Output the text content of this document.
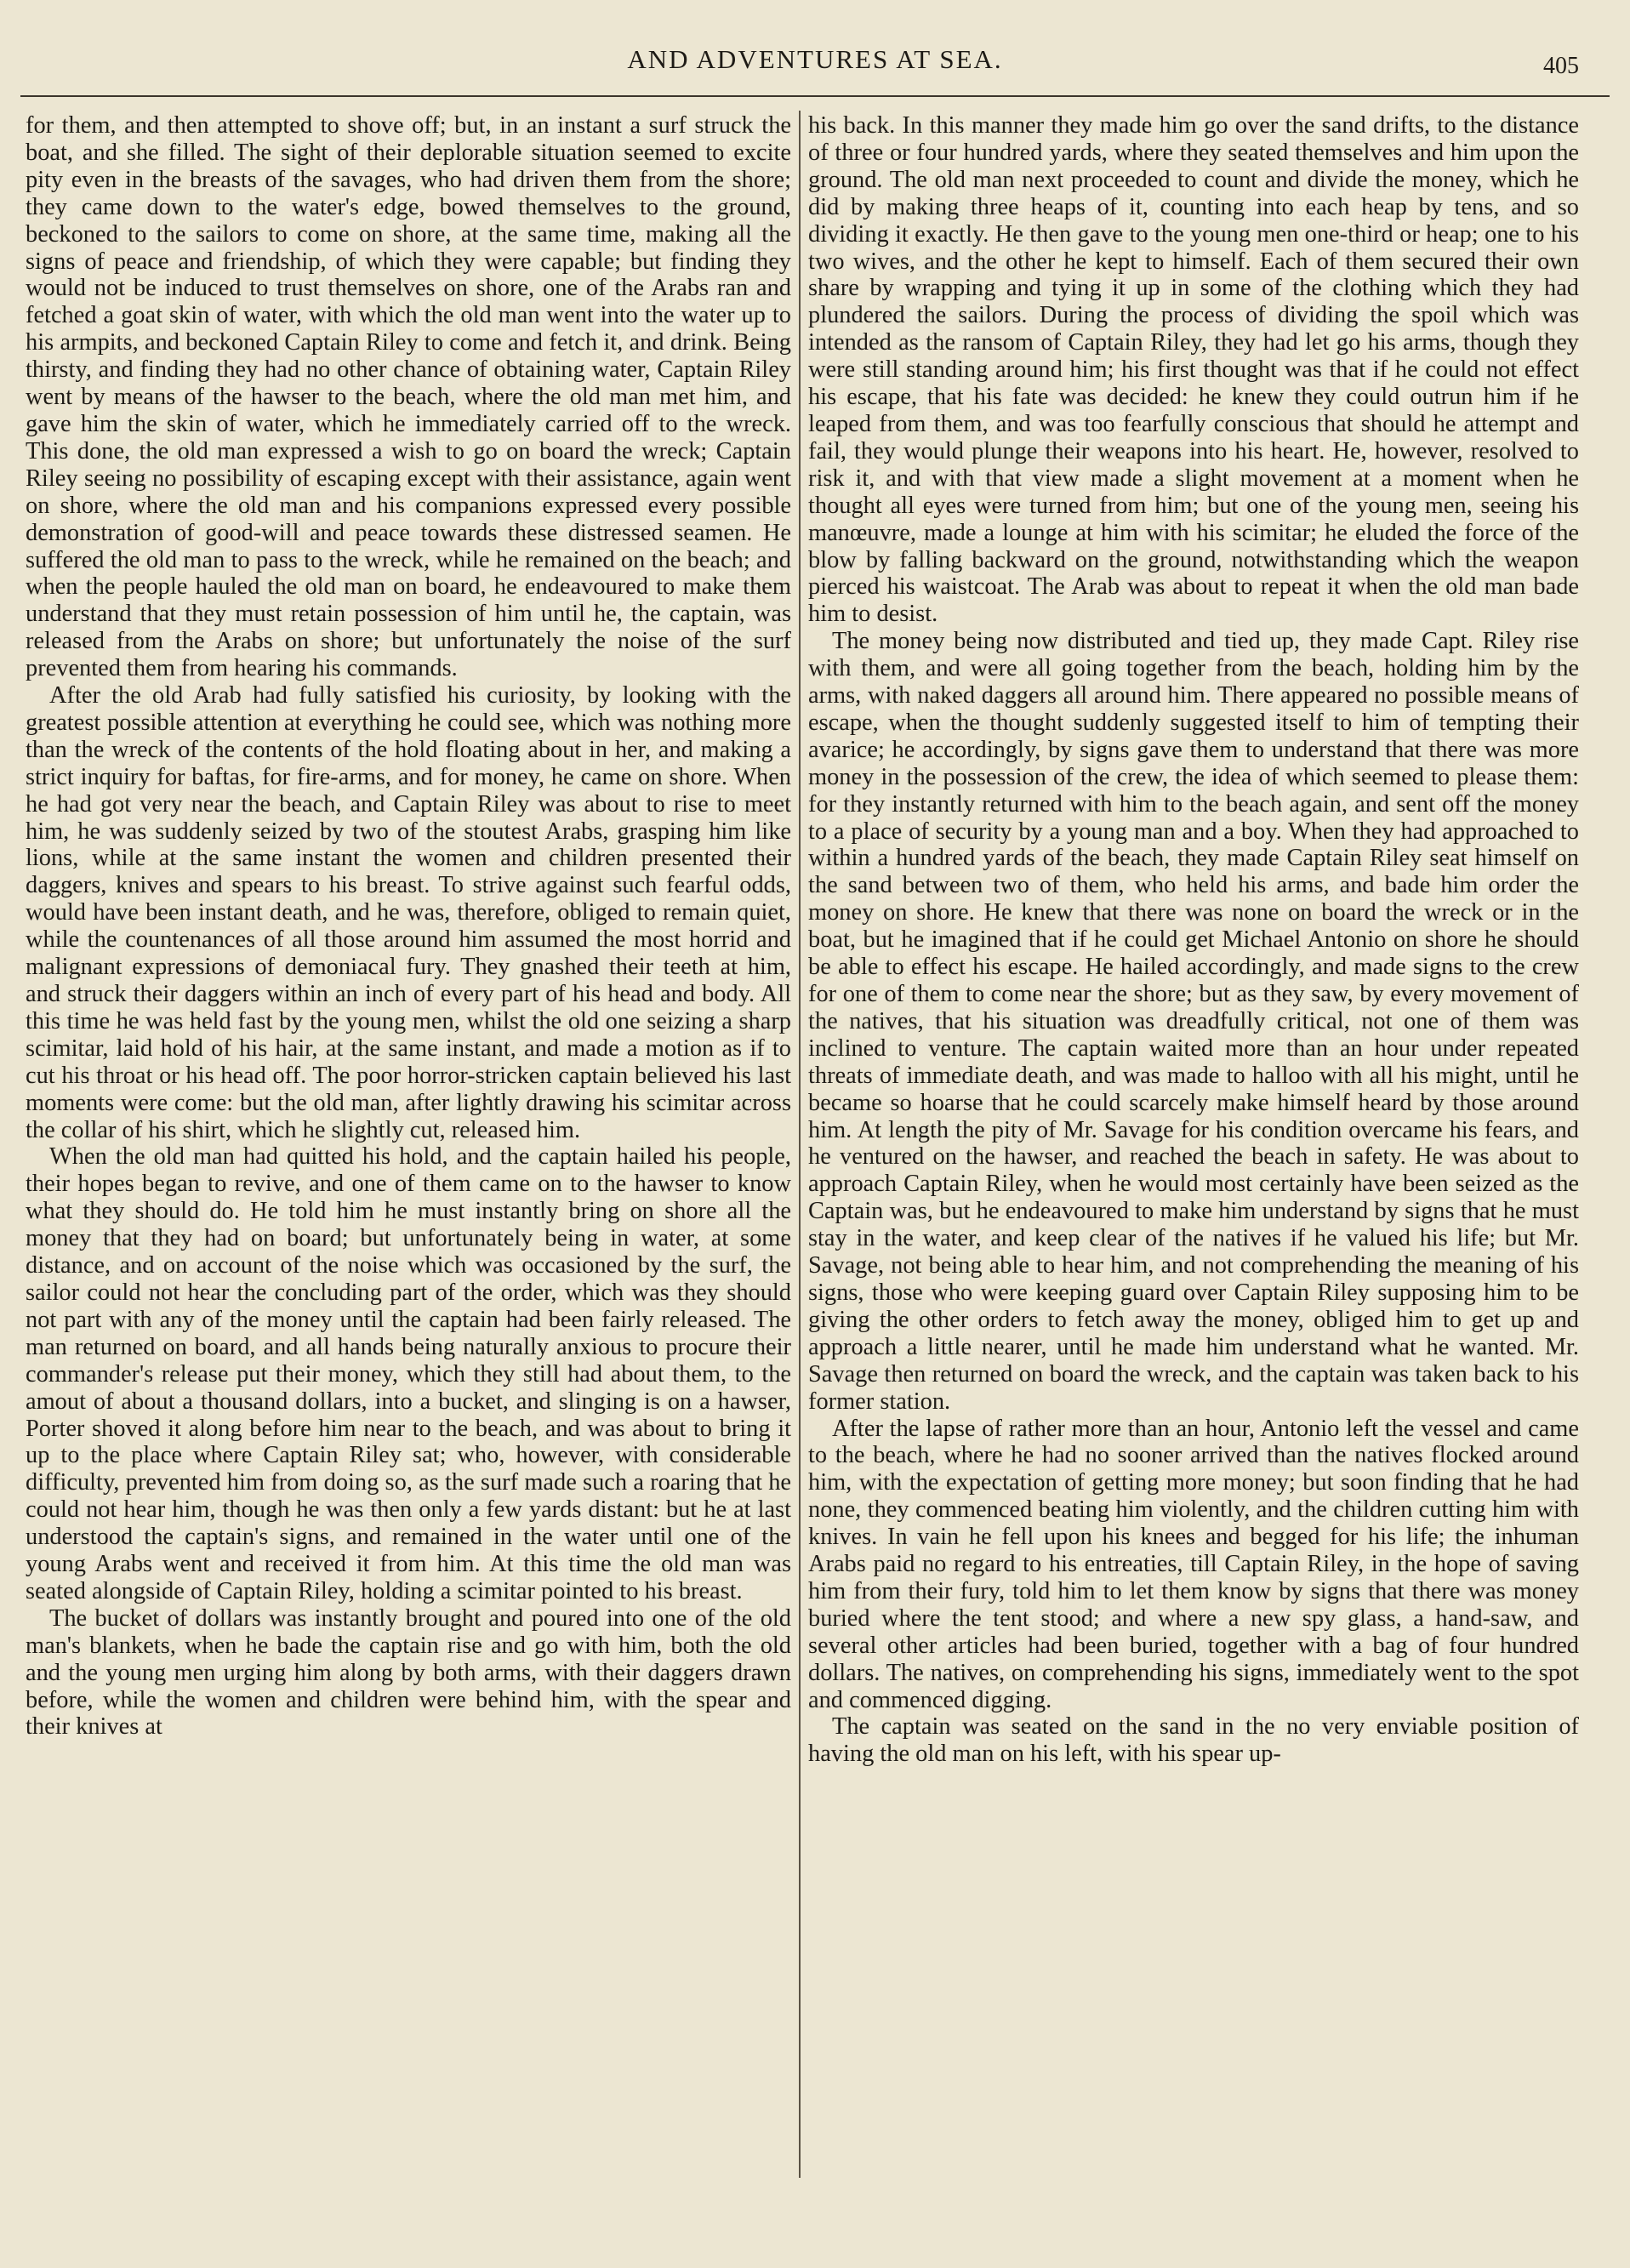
AND ADVENTURES AT SEA.	405

for them, and then attempted to shove off; but, in an instant a surf struck the boat, and she filled. The sight of their deplorable situation seemed to excite pity even in the breasts of the savages, who had driven them from the shore; they came down to the water's edge, bowed themselves to the ground, beckoned to the sailors to come on shore, at the same time, making all the signs of peace and friendship, of which they were capable; but finding they would not be induced to trust themselves on shore, one of the Arabs ran and fetched a goat skin of water, with which the old man went into the water up to his armpits, and beckoned Captain Riley to come and fetch it, and drink. Being thirsty, and finding they had no other chance of obtaining water, Captain Riley went by means of the hawser to the beach, where the old man met him, and gave him the skin of water, which he immediately carried off to the wreck. This done, the old man expressed a wish to go on board the wreck; Captain Riley seeing no possibility of escaping except with their assistance, again went on shore, where the old man and his companions expressed every possible demonstration of good-will and peace towards these distressed seamen. He suffered the old man to pass to the wreck, while he remained on the beach; and when the people hauled the old man on board, he endeavoured to make them understand that they must retain possession of him until he, the captain, was released from the Arabs on shore; but unfortunately the noise of the surf prevented them from hearing his commands.

After the old Arab had fully satisfied his curiosity, by looking with the greatest possible attention at everything he could see, which was nothing more than the wreck of the contents of the hold floating about in her, and making a strict inquiry for baftas, for fire-arms, and for money, he came on shore. When he had got very near the beach, and Captain Riley was about to rise to meet him, he was suddenly seized by two of the stoutest Arabs, grasping him like lions, while at the same instant the women and children presented their daggers, knives and spears to his breast. To strive against such fearful odds, would have been instant death, and he was, therefore, obliged to remain quiet, while the countenances of all those around him assumed the most horrid and malignant expressions of demoniacal fury. They gnashed their teeth at him, and struck their daggers within an inch of every part of his head and body. All this time he was held fast by the young men, whilst the old one seizing a sharp scimitar, laid hold of his hair, at the same instant, and made a motion as if to cut his throat or his head off. The poor horror-stricken captain believed his last moments were come: but the old man, after lightly drawing his scimitar across the collar of his shirt, which he slightly cut, released him.

When the old man had quitted his hold, and the captain hailed his people, their hopes began to revive, and one of them came on to the hawser to know what they should do. He told him he must instantly bring on shore all the money that they had on board; but unfortunately being in water, at some distance, and on account of the noise which was occasioned by the surf, the sailor could not hear the concluding part of the order, which was they should not part with any of the money until the captain had been fairly released. The man returned on board, and all hands being naturally anxious to procure their commander's release put their money, which they still had about them, to the amout of about a thousand dollars, into a bucket, and slinging is on a hawser, Porter shoved it along before him near to the beach, and was about to bring it up to the place where Captain Riley sat; who, however, with considerable difficulty, prevented him from doing so, as the surf made such a roaring that he could not hear him, though he was then only a few yards distant: but he at last understood the captain's signs, and remained in the water until one of the young Arabs went and received it from him. At this time the old man was seated alongside of Captain Riley, holding a scimitar pointed to his breast.

The bucket of dollars was instantly brought and poured into one of the old man's blankets, when he bade the captain rise and go with him, both the old and the young men urging him along by both arms, with their daggers drawn before, while the women and children were behind him, with the spear and their knives at

his back. In this manner they made him go over the sand drifts, to the distance of three or four hundred yards, where they seated themselves and him upon the ground. The old man next proceeded to count and divide the money, which he did by making three heaps of it, counting into each heap by tens, and so dividing it exactly. He then gave to the young men one-third or heap; one to his two wives, and the other he kept to himself. Each of them secured their own share by wrapping and tying it up in some of the clothing which they had plundered the sailors. During the process of dividing the spoil which was intended as the ransom of Captain Riley, they had let go his arms, though they were still standing around him; his first thought was that if he could not effect his escape, that his fate was decided: he knew they could outrun him if he leaped from them, and was too fearfully conscious that should he attempt and fail, they would plunge their weapons into his heart. He, however, resolved to risk it, and with that view made a slight movement at a moment when he thought all eyes were turned from him; but one of the young men, seeing his manœuvre, made a lounge at him with his scimitar; he eluded the force of the blow by falling backward on the ground, notwithstanding which the weapon pierced his waistcoat. The Arab was about to repeat it when the old man bade him to desist.

The money being now distributed and tied up, they made Capt. Riley rise with them, and were all going together from the beach, holding him by the arms, with naked daggers all around him. There appeared no possible means of escape, when the thought suddenly suggested itself to him of tempting their avarice; he accordingly, by signs gave them to understand that there was more money in the possession of the crew, the idea of which seemed to please them: for they instantly returned with him to the beach again, and sent off the money to a place of security by a young man and a boy. When they had approached to within a hundred yards of the beach, they made Captain Riley seat himself on the sand between two of them, who held his arms, and bade him order the money on shore. He knew that there was none on board the wreck or in the boat, but he imagined that if he could get Michael Antonio on shore he should be able to effect his escape. He hailed accordingly, and made signs to the crew for one of them to come near the shore; but as they saw, by every movement of the natives, that his situation was dreadfully critical, not one of them was inclined to venture. The captain waited more than an hour under repeated threats of immediate death, and was made to halloo with all his might, until he became so hoarse that he could scarcely make himself heard by those around him. At length the pity of Mr. Savage for his condition overcame his fears, and he ventured on the hawser, and reached the beach in safety. He was about to approach Captain Riley, when he would most certainly have been seized as the Captain was, but he endeavoured to make him understand by signs that he must stay in the water, and keep clear of the natives if he valued his life; but Mr. Savage, not being able to hear him, and not comprehending the meaning of his signs, those who were keeping guard over Captain Riley supposing him to be giving the other orders to fetch away the money, obliged him to get up and approach a little nearer, until he made him understand what he wanted. Mr. Savage then returned on board the wreck, and the captain was taken back to his former station.

After the lapse of rather more than an hour, Antonio left the vessel and came to the beach, where he had no sooner arrived than the natives flocked around him, with the expectation of getting more money; but soon finding that he had none, they commenced beating him violently, and the children cutting him with knives. In vain he fell upon his knees and begged for his life; the inhuman Arabs paid no regard to his entreaties, till Captain Riley, in the hope of saving him from their fury, told him to let them know by signs that there was money buried where the tent stood; and where a new spy glass, a hand-saw, and several other articles had been buried, together with a bag of four hundred dollars. The natives, on comprehending his signs, immediately went to the spot and commenced digging.

The captain was seated on the sand in the no very enviable position of having the old man on his left, with his spear up-
